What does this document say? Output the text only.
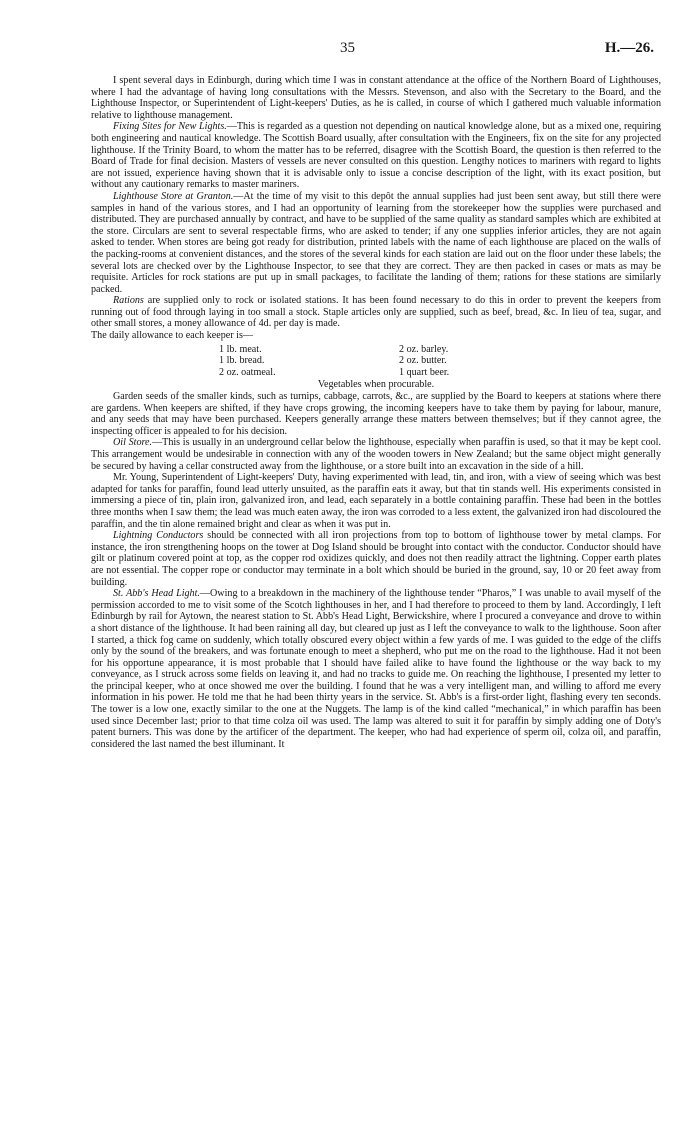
35	H.—26.

I spent several days in Edinburgh, during which time I was in constant attendance at the office of the Northern Board of Lighthouses, where I had the advantage of having long consultations with the Messrs. Stevenson, and also with the Secretary to the Board, and the Lighthouse Inspector, or Superintendent of Light-keepers' Duties, as he is called, in course of which I gathered much valuable information relative to lighthouse management.

Fixing Sites for New Lights.—This is regarded as a question not depending on nautical knowledge alone, but as a mixed one, requiring both engineering and nautical knowledge. The Scottish Board usually, after consultation with the Engineers, fix on the site for any projected lighthouse. If the Trinity Board, to whom the matter has to be referred, disagree with the Scottish Board, the question is then referred to the Board of Trade for final decision. Masters of vessels are never consulted on this question. Lengthy notices to mariners with regard to lights are not issued, experience having shown that it is advisable only to issue a concise description of the light, with its exact position, but without any cautionary remarks to master mariners.

Lighthouse Store at Granton.—At the time of my visit to this depôt the annual supplies had just been sent away, but still there were samples in hand of the various stores, and I had an opportunity of learning from the storekeeper how the supplies were purchased and distributed. They are purchased annually by contract, and have to be supplied of the same quality as standard samples which are exhibited at the store. Circulars are sent to several respectable firms, who are asked to tender; if any one supplies inferior articles, they are not again asked to tender. When stores are being got ready for distribution, printed labels with the name of each lighthouse are placed on the walls of the packing-rooms at convenient distances, and the stores of the several kinds for each station are laid out on the floor under these labels; the several lots are checked over by the Lighthouse Inspector, to see that they are correct. They are then packed in cases or mats as may be requisite. Articles for rock stations are put up in small packages, to facilitate the landing of them; rations for these stations are similarly packed.

Rations are supplied only to rock or isolated stations. It has been found necessary to do this in order to prevent the keepers from running out of food through laying in too small a stock. Staple articles only are supplied, such as beef, bread, &c. In lieu of tea, sugar, and other small stores, a money allowance of 4d. per day is made.

The daily allowance to each keeper is—

1 lb. meat.	2 oz. barley.
1 lb. bread.	2 oz. butter.
2 oz. oatmeal.	1 quart beer.

Vegetables when procurable.

Garden seeds of the smaller kinds, such as turnips, cabbage, carrots, &c., are supplied by the Board to keepers at stations where there are gardens. When keepers are shifted, if they have crops growing, the incoming keepers have to take them by paying for labour, manure, and any seeds that may have been purchased. Keepers generally arrange these matters between themselves; but if they cannot agree, the inspecting officer is appealed to for his decision.

Oil Store.—This is usually in an underground cellar below the lighthouse, especially when paraffin is used, so that it may be kept cool. This arrangement would be undesirable in connection with any of the wooden towers in New Zealand; but the same object might generally be secured by having a cellar constructed away from the lighthouse, or a store built into an excavation in the side of a hill.

Mr. Young, Superintendent of Light-keepers' Duty, having experimented with lead, tin, and iron, with a view of seeing which was best adapted for tanks for paraffin, found lead utterly unsuited, as the paraffin eats it away, but that tin stands well. His experiments consisted in immersing a piece of tin, plain iron, galvanized iron, and lead, each separately in a bottle containing paraffin. These had been in the bottles three months when I saw them; the lead was much eaten away, the iron was corroded to a less extent, the galvanized iron had discoloured the paraffin, and the tin alone remained bright and clear as when it was put in.

Lightning Conductors should be connected with all iron projections from top to bottom of lighthouse tower by metal clamps. For instance, the iron strengthening hoops on the tower at Dog Island should be brought into contact with the conductor. Conductor should have gilt or platinum covered point at top, as the copper rod oxidizes quickly, and does not then readily attract the lightning. Copper earth plates are not essential. The copper rope or conductor may terminate in a bolt which should be buried in the ground, say, 10 or 20 feet away from building.

St. Abb's Head Light.—Owing to a breakdown in the machinery of the lighthouse tender “Pharos,” I was unable to avail myself of the permission accorded to me to visit some of the Scotch lighthouses in her, and I had therefore to proceed to them by land. Accordingly, I left Edinburgh by rail for Aytown, the nearest station to St. Abb's Head Light, Berwickshire, where I procured a conveyance and drove to within a short distance of the lighthouse. It had been raining all day, but cleared up just as I left the conveyance to walk to the lighthouse. Soon after I started, a thick fog came on suddenly, which totally obscured every object within a few yards of me. I was guided to the edge of the cliffs only by the sound of the breakers, and was fortunate enough to meet a shepherd, who put me on the road to the lighthouse. Had it not been for his opportune appearance, it is most probable that I should have failed alike to have found the lighthouse or the way back to my conveyance, as I struck across some fields on leaving it, and had no tracks to guide me. On reaching the lighthouse, I presented my letter to the principal keeper, who at once showed me over the building. I found that he was a very intelligent man, and willing to afford me every information in his power. He told me that he had been thirty years in the service. St. Abb's is a first-order light, flashing every ten seconds. The tower is a low one, exactly similar to the one at the Nuggets. The lamp is of the kind called “mechanical,” in which paraffin has been used since December last; prior to that time colza oil was used. The lamp was altered to suit it for paraffin by simply adding one of Doty's patent burners. This was done by the artificer of the department. The keeper, who had had experience of sperm oil, colza oil, and paraffin, considered the last named the best illuminant. It
